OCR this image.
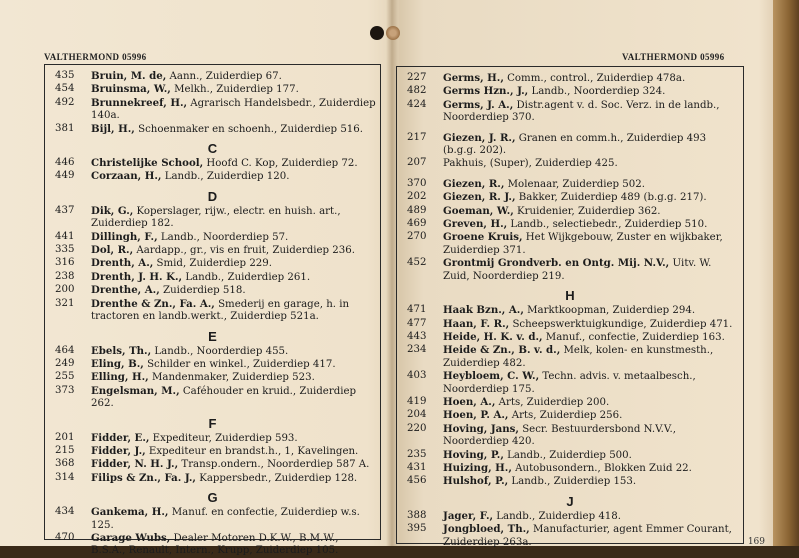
VALTHERMOND 05996	VALTHERMOND 05996
435	Bruin, M. de, Aann., Zuiderdiep 67.
454	Bruinsma, W., Melkh., Zuiderdiep 177.
492	Brunnekreef, H., Agrarisch Handelsbedr., Zuiderdiep 140a.
381	Bijl, H., Schoenmaker en schoenh., Zuiderdiep 516.
C
446	Christelijke School, Hoofd C. Kop, Zuiderdiep 72.
449	Corzaan, H., Landb., Zuiderdiep 120.
D
437	Dik, G., Koperslager, rijw., electr. en huish. art., Zuiderdiep 182.
441	Dillingh, F., Landb., Noorderdiep 57.
335	Dol, R., Aardapp., gr., vis en fruit, Zuiderdiep 236.
316	Drenth, A., Smid, Zuiderdiep 229.
238	Drenth, J. H. K., Landb., Zuiderdiep 261.
200	Drenthe, A., Zuiderdiep 518.
321	Drenthe & Zn., Fa. A., Smederij en garage, h. in tractoren en landb.werkt., Zuiderdiep 521a.
E
464	Ebels, Th., Landb., Noorderdiep 455.
249	Eling, B., Schilder en winkel., Zuiderdiep 417.
255	Elling, H., Mandenmaker, Zuiderdiep 523.
373	Engelsman, M., Caféhouder en kruid., Zuiderdiep 262.
F
201	Fidder, E., Expediteur, Zuiderdiep 593.
215	Fidder, J., Expediteur en brandst.h., 1, Kavelingen.
368	Fidder, N. H. J., Transp.ondern., Noorderdiep 587 A.
314	Filips & Zn., Fa. J., Kappersbedr., Zuiderdiep 128.
G
434	Gankema, H., Manuf. en confectie, Zuiderdiep w.s. 125.
470	Garage Wubs, Dealer Motoren D.K.W., B.M.W., B.S.A., Renault, Intern., Krupp, Zuiderdiep 105.
227	Germs, H., Comm., control., Zuiderdiep 478a.
482	Germs Hzn., J., Landb., Noorderdiep 324.
424	Germs, J. A., Distr.agent v. d. Soc. Verz. in de landb., Noorderdiep 370.
217	Giezen, J. R., Granen en comm.h., Zuiderdiep 493 (b.g.g. 202).
207	Pakhuis, (Super), Zuiderdiep 425.
370	Giezen, R., Molenaar, Zuiderdiep 502.
202	Giezen, R. J., Bakker, Zuiderdiep 489 (b.g.g. 217).
489	Goeman, W., Kruidenier, Zuiderdiep 362.
469	Greven, H., Landb., selectiebedr., Zuiderdiep 510.
270	Groene Kruis, Het Wijkgebouw, Zuster en wijkbaker, Zuiderdiep 371.
452	Grontmij Grondverb. en Ontg. Mij. N.V., Uitv. W. Zuid, Noorderdiep 219.
H
471	Haak Bzn., A., Marktkoopman, Zuiderdiep 294.
477	Haan, F. R., Scheepswerktuigkundige, Zuiderdiep 471.
443	Heide, H. K. v. d., Manuf., confectie, Zuiderdiep 163.
234	Heide & Zn., B. v. d., Melk, kolen- en kunstmesth., Zuiderdiep 482.
403	Heybloem, C. W., Techn. advis. v. metaalbesch., Noorderdiep 175.
419	Hoen, A., Arts, Zuiderdiep 200.
204	Hoen, P. A., Arts, Zuiderdiep 256.
220	Hoving, Jans, Secr. Bestuurdersbond N.V.V., Noorderdiep 420.
235	Hoving, P., Landb., Zuiderdiep 500.
431	Huizing, H., Autobusondern., Blokken Zuid 22.
456	Hulshof, P., Landb., Zuiderdiep 153.
J
388	Jager, F., Landb., Zuiderdiep 418.
395	Jongbloed, Th., Manufacturier, agent Emmer Courant, Zuiderdiep 263a.	169
